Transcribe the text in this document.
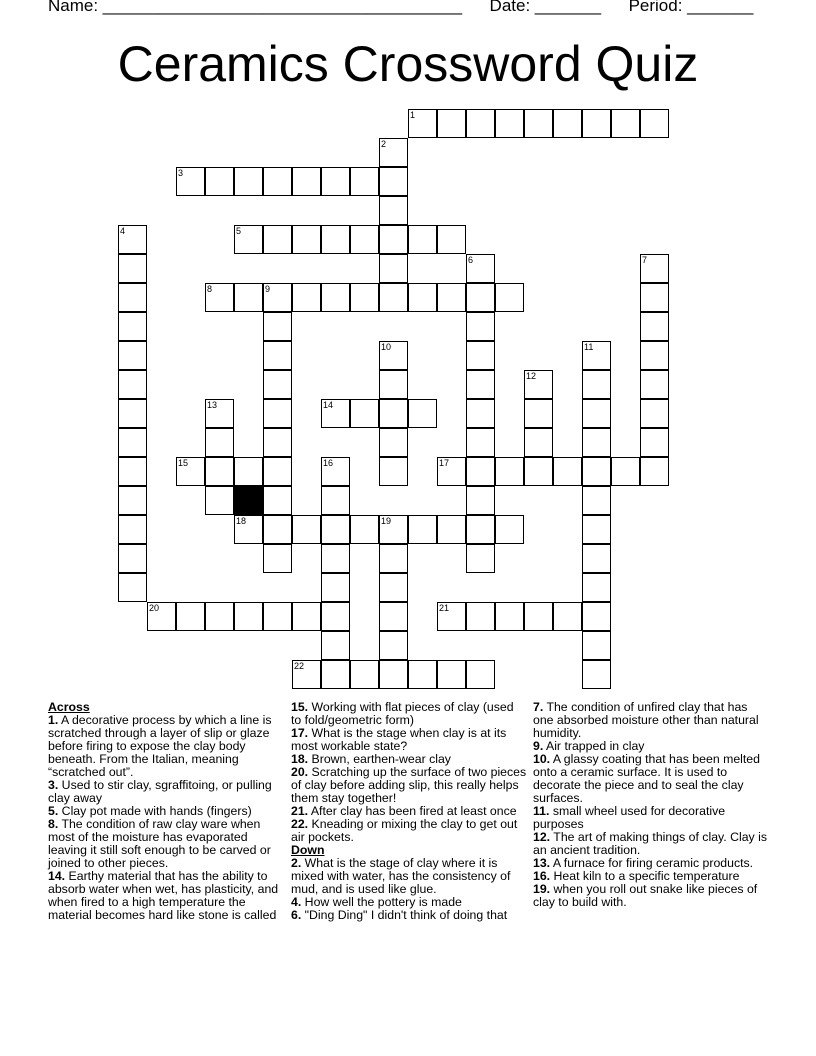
Name: ______________________________________ Date: _______ Period: _______
Ceramics Crossword Quiz
1
2
3
4	5
6	7
8	9
10	11
12
13	14
15	16	17
18	19
20	21
22
Across
1. A decorative process by which a line is scratched through a layer of slip or glaze before firing to expose the clay body beneath. From the Italian, meaning “scratched out”.
3. Used to stir clay, sgraffitoing, or pulling clay away
5. Clay pot made with hands (fingers)
8. The condition of raw clay ware when most of the moisture has evaporated leaving it still soft enough to be carved or joined to other pieces.
14. Earthy material that has the ability to absorb water when wet, has plasticity, and when fired to a high temperature the material becomes hard like stone is called
15. Working with flat pieces of clay (used to fold/geometric form)
17. What is the stage when clay is at its most workable state?
18. Brown, earthen-wear clay
20. Scratching up the surface of two pieces of clay before adding slip, this really helps them stay together!
21. After clay has been fired at least once
22. Kneading or mixing the clay to get out air pockets.
Down
2. What is the stage of clay where it is mixed with water, has the consistency of mud, and is used like glue.
4. How well the pottery is made
6. "Ding Ding" I didn't think of doing that
7. The condition of unfired clay that has one absorbed moisture other than natural humidity.
9. Air trapped in clay
10. A glassy coating that has been melted onto a ceramic surface. It is used to decorate the piece and to seal the clay surfaces.
11. small wheel used for decorative purposes
12. The art of making things of clay. Clay is an ancient tradition.
13. A furnace for firing ceramic products.
16. Heat kiln to a specific temperature
19. when you roll out snake like pieces of clay to build with.
